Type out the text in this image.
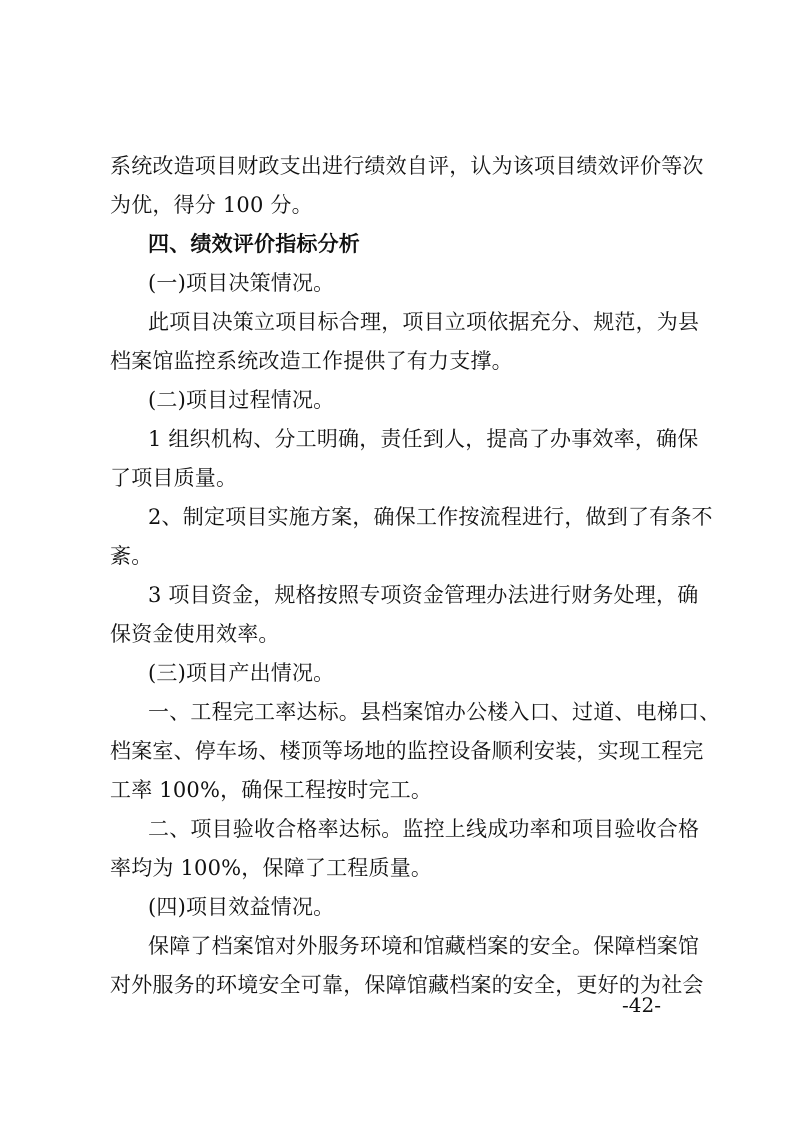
系统改造项目财政支出进行绩效自评，认为该项目绩效评价等次
为优，得分 100 分。
四、绩效评价指标分析
(一)项目决策情况。
此项目决策立项目标合理，项目立项依据充分、规范，为县
档案馆监控系统改造工作提供了有力支撑。
(二)项目过程情况。
1 组织机构、分工明确，责任到人，提高了办事效率，确保
了项目质量。
2、制定项目实施方案，确保工作按流程进行，做到了有条不
紊。
3 项目资金，规格按照专项资金管理办法进行财务处理，确
保资金使用效率。
(三)项目产出情况。
一、工程完工率达标。县档案馆办公楼入口、过道、电梯口、
档案室、停车场、楼顶等场地的监控设备顺利安装，实现工程完
工率 100%，确保工程按时完工。
二、项目验收合格率达标。监控上线成功率和项目验收合格
率均为 100%，保障了工程质量。
(四)项目效益情况。
保障了档案馆对外服务环境和馆藏档案的安全。保障档案馆
对外服务的环境安全可靠，保障馆藏档案的安全，更好的为社会
-42-
